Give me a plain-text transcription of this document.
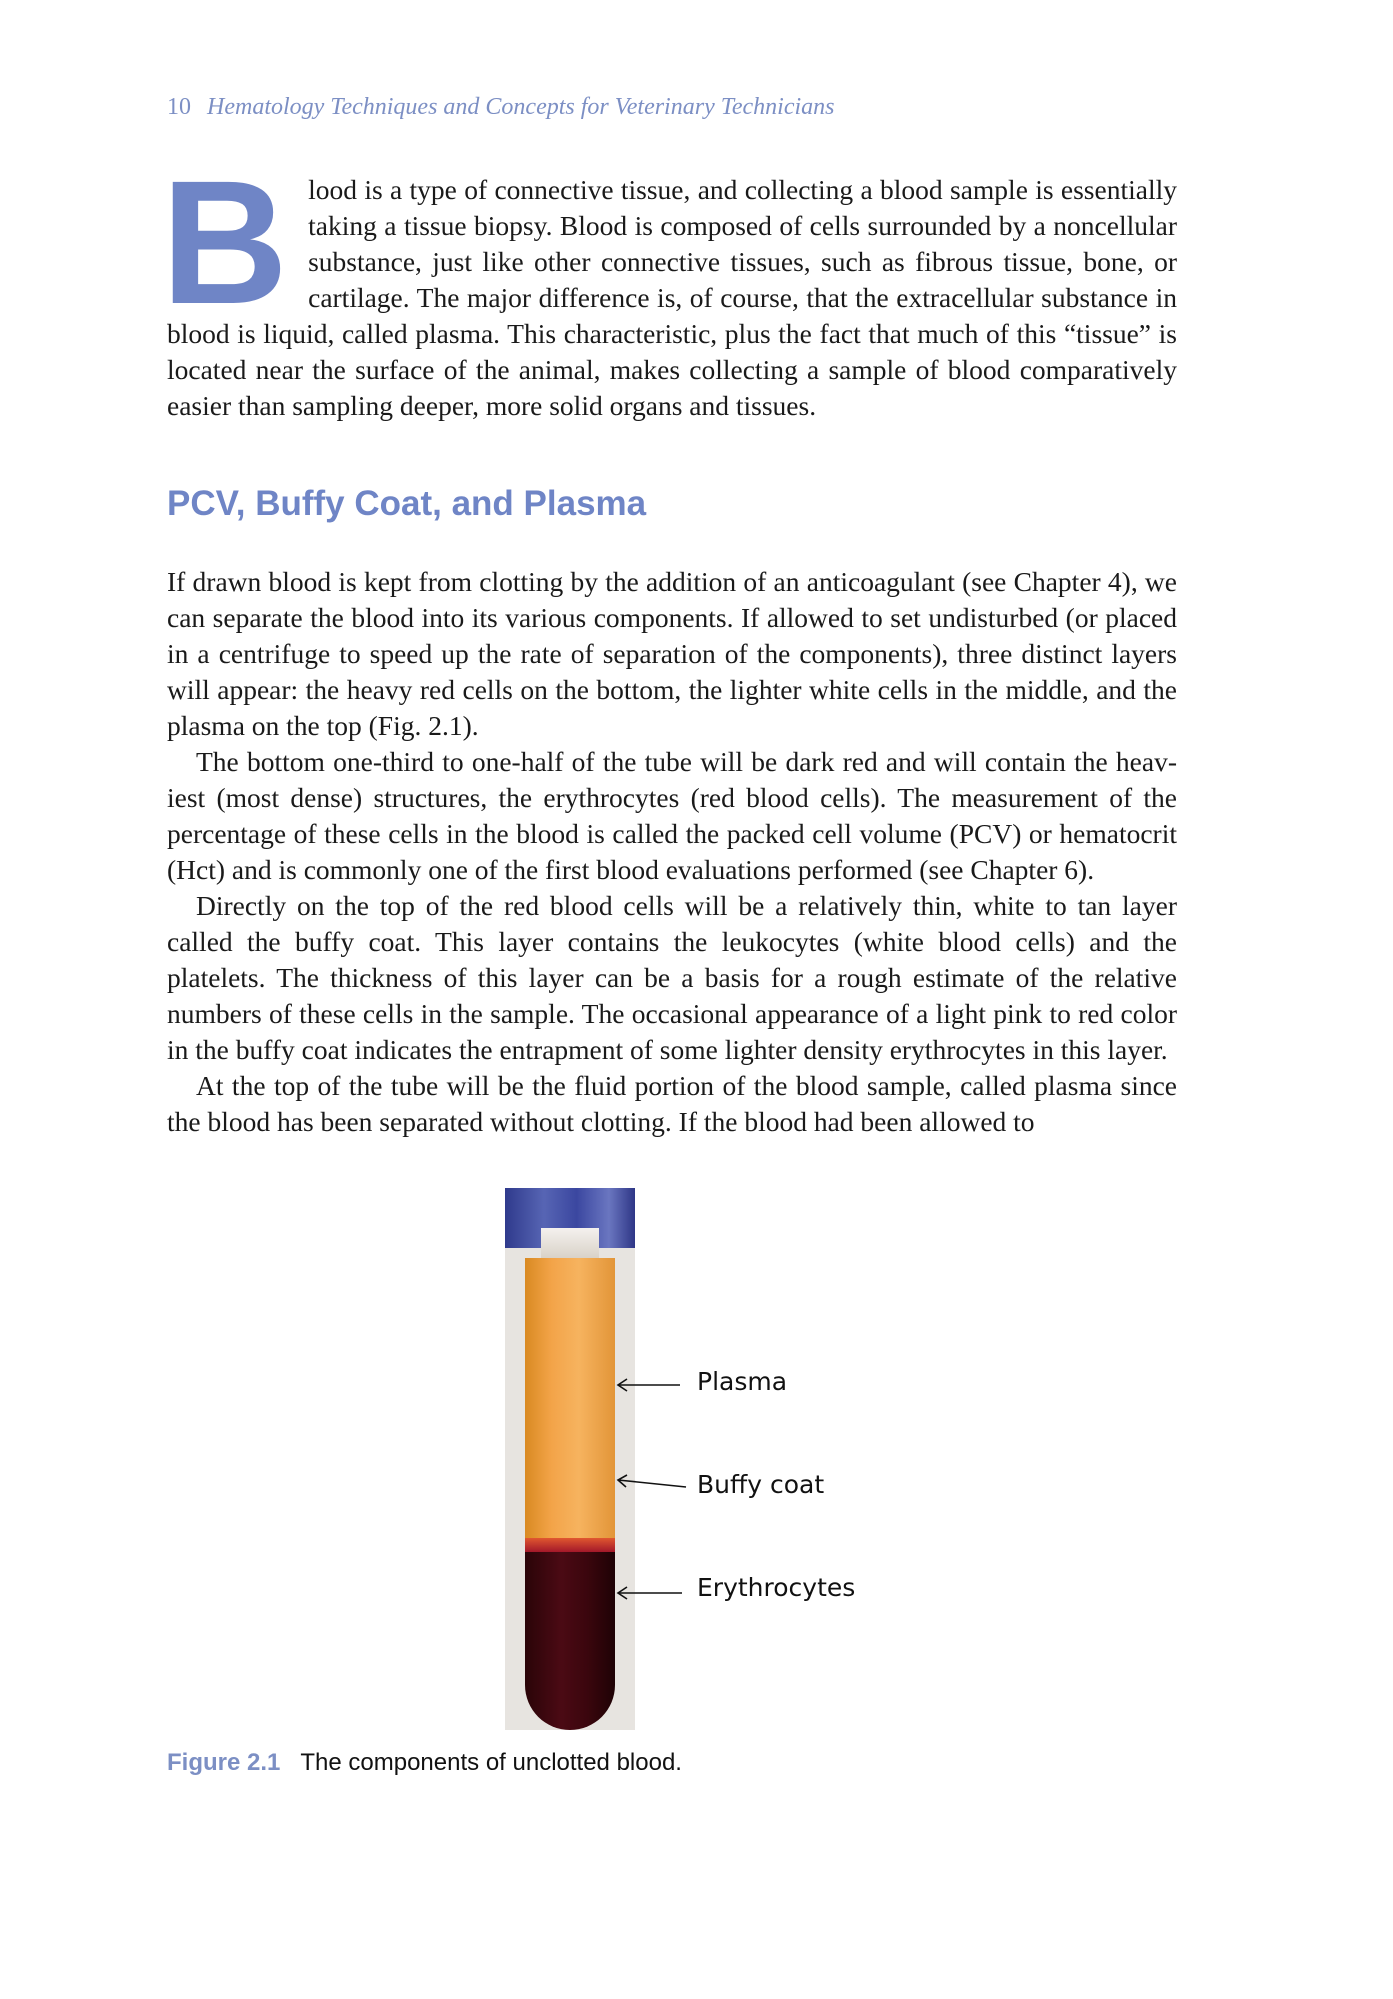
10 Hematology Techniques and Concepts for Veterinary Technicians
B lood is a type of connective tissue, and collecting a blood sample is essentially taking a tissue biopsy. Blood is composed of cells surrounded by a noncellular substance, just like other connective tissues, such as fibrous tissue, bone, or cartilage. The major difference is, of course, that the extracellular substance in blood is liquid, called plasma. This characteristic, plus the fact that much of this “tissue” is located near the surface of the animal, makes collecting a sample of blood comparatively easier than sampling deeper, more solid organs and tissues.

PCV, Buffy Coat, and Plasma

If drawn blood is kept from clotting by the addition of an anticoagulant (see Chapter 4), we can separate the blood into its various components. If allowed to set undisturbed (or placed in a centrifuge to speed up the rate of separation of the components), three distinct layers will appear: the heavy red cells on the bottom, the lighter white cells in the middle, and the plasma on the top (Fig. 2.1).

The bottom one-third to one-half of the tube will be dark red and will contain the heav-iest (most dense) structures, the erythrocytes (red blood cells). The measurement of the percentage of these cells in the blood is called the packed cell volume (PCV) or hematocrit (Hct) and is commonly one of the first blood evaluations performed (see Chapter 6).

Directly on the top of the red blood cells will be a relatively thin, white to tan layer called the buffy coat. This layer contains the leukocytes (white blood cells) and the platelets. The thickness of this layer can be a basis for a rough estimate of the relative numbers of these cells in the sample. The occasional appearance of a light pink to red color in the buffy coat indicates the entrapment of some lighter density erythrocytes in this layer.

At the top of the tube will be the fluid portion of the blood sample, called plasma since the blood has been separated without clotting. If the blood had been allowed to

Plasma
Buffy coat
Erythrocytes
Figure 2.1 The components of unclotted blood.
